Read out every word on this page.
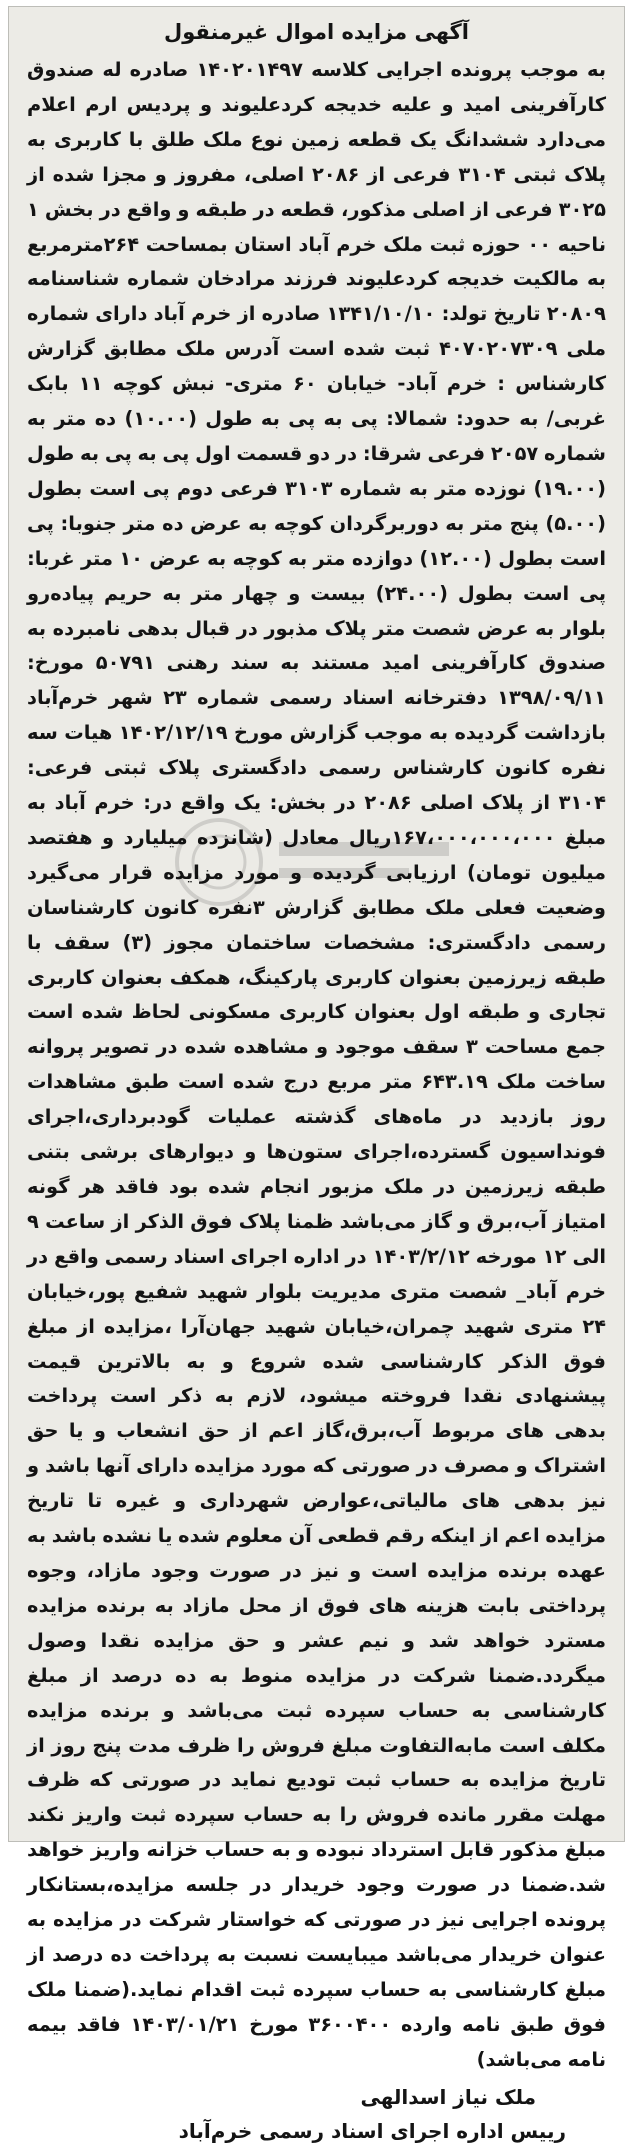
آگهی مزایده اموال غیرمنقول

به موجب پرونده اجرایی کلاسه ۱۴۰۲۰۱۴۹۷ صادره له صندوق کارآفرینی امید و علیه خدیجه کردعلیوند و پردیس ارم اعلام می‌دارد ششدانگ یک قطعه زمین نوع ملک طلق با کاربری به پلاک ثبتی ۳۱۰۴ فرعی از ۲۰۸۶ اصلی، مفروز و مجزا شده از ۳۰۲۵ فرعی از اصلی مذکور، قطعه در طبقه و واقع در بخش ۱ ناحیه ۰۰ حوزه ثبت ملک خرم آباد استان بمساحت ۲۶۴مترمربع به مالکیت خدیجه کردعلیوند فرزند مرادخان شماره شناسنامه ۲۰۸۰۹ تاریخ تولد: ۱۳۴۱/۱۰/۱۰ صادره از خرم آباد دارای شماره ملی ۴۰۷۰۲۰۷۳۰۹ ثبت شده است آدرس ملک مطابق گزارش کارشناس : خرم آباد- خیابان ۶۰ متری- نبش کوچه ۱۱ بابک غربی/ به حدود: شمالا: پی به پی به طول (۱۰.۰۰) ده متر به شماره ۲۰۵۷ فرعی شرقا: در دو قسمت اول پی به پی به طول (۱۹.۰۰) نوزده متر به شماره ۳۱۰۳ فرعی دوم پی است بطول (۵.۰۰) پنج متر به دوربرگردان کوچه به عرض ده متر جنوبا: پی است بطول (۱۲.۰۰) دوازده متر به کوچه به عرض ۱۰ متر غربا: پی است بطول (۲۴.۰۰) بیست و چهار متر به حریم پیاده‌رو بلوار به عرض شصت متر پلاک مذبور در قبال بدهی نامبرده به صندوق کارآفرینی امید مستند به سند رهنی ۵۰۷۹۱ مورخ: ۱۳۹۸/۰۹/۱۱ دفترخانه اسناد رسمی شماره ۲۳ شهر خرم‌آباد بازداشت گردیده به موجب گزارش مورخ ۱۴۰۲/۱۲/۱۹ هیات سه نفره کانون کارشناس رسمی دادگستری پلاک ثبتی فرعی: ۳۱۰۴ از پلاک اصلی ۲۰۸۶ در بخش: یک واقع در: خرم آباد به مبلغ ۱۶۷،۰۰۰،۰۰۰،۰۰۰ریال معادل (شانزده میلیارد و هفتصد میلیون تومان) ارزیابی گردیده و مورد مزایده قرار می‌گیرد وضعیت فعلی ملک مطابق گزارش ۳نفره کانون کارشناسان رسمی دادگستری: مشخصات ساختمان مجوز (۳) سقف با طبقه زیرزمین بعنوان کاربری پارکینگ، همکف بعنوان کاربری تجاری و طبقه اول بعنوان کاربری مسکونی لحاظ شده است جمع مساحت ۳ سقف موجود و مشاهده شده در تصویر پروانه ساخت ملک ۶۴۳.۱۹ متر مربع درج شده است طبق مشاهدات روز بازدید در ماه‌های گذشته عملیات گودبرداری،اجرای فونداسیون گسترده،اجرای ستون‌ها و دیوارهای برشی بتنی طبقه زیرزمین در ملک مزبور انجام شده بود فاقد هر گونه امتیاز آب،برق و گاز می‌باشد ظمنا پلاک فوق الذکر از ساعت ۹ الی ۱۲ مورخه ۱۴۰۳/۲/۱۲ در اداره اجرای اسناد رسمی واقع در خرم آباد_ شصت متری مدیریت بلوار شهید شفیع پور،خیابان ۲۴ متری شهید چمران،خیابان شهید جهان‌آرا ،مزایده از مبلغ فوق الذکر کارشناسی شده شروع و به بالاترین قیمت پیشنهادی نقدا فروخته میشود، لازم به ذکر است پرداخت بدهی های مربوط آب،برق،گاز اعم از حق انشعاب و یا حق اشتراک و مصرف در صورتی که مورد مزایده دارای آنها باشد و نیز بدهی های مالیاتی،عوارض شهرداری و غیره تا تاریخ مزایده اعم از اینکه رقم قطعی آن معلوم شده یا نشده باشد به عهده برنده مزایده است و نیز در صورت وجود مازاد، وجوه پرداختی بابت هزینه های فوق از محل مازاد به برنده مزایده مسترد خواهد شد و نیم عشر و حق مزایده نقدا وصول میگردد.ضمنا شرکت در مزایده منوط به ده درصد از مبلغ کارشناسی به حساب سپرده ثبت می‌باشد و برنده مزایده مکلف است مابه‌التفاوت مبلغ فروش را ظرف مدت پنج روز از تاریخ مزایده به حساب ثبت تودیع نماید در صورتی که ظرف مهلت مقرر مانده فروش را به حساب سپرده ثبت واریز نکند مبلغ مذکور قابل استرداد نبوده و به حساب خزانه واریز خواهد شد.ضمنا در صورت وجود خریدار در جلسه مزایده،بستانکار پرونده اجرایی نیز در صورتی که خواستار شرکت در مزایده به عنوان خریدار می‌باشد میبایست نسبت به پرداخت ده درصد از مبلغ کارشناسی به حساب سپرده ثبت اقدام نماید.(ضمنا ملک فوق طبق نامه وارده ۳۶۰۰۴۰۰ مورخ ۱۴۰۳/۰۱/۲۱ فاقد بیمه نامه می‌باشد)

ملک نیاز اسدالهی
رییس اداره اجرای اسناد رسمی خرم‌آباد
